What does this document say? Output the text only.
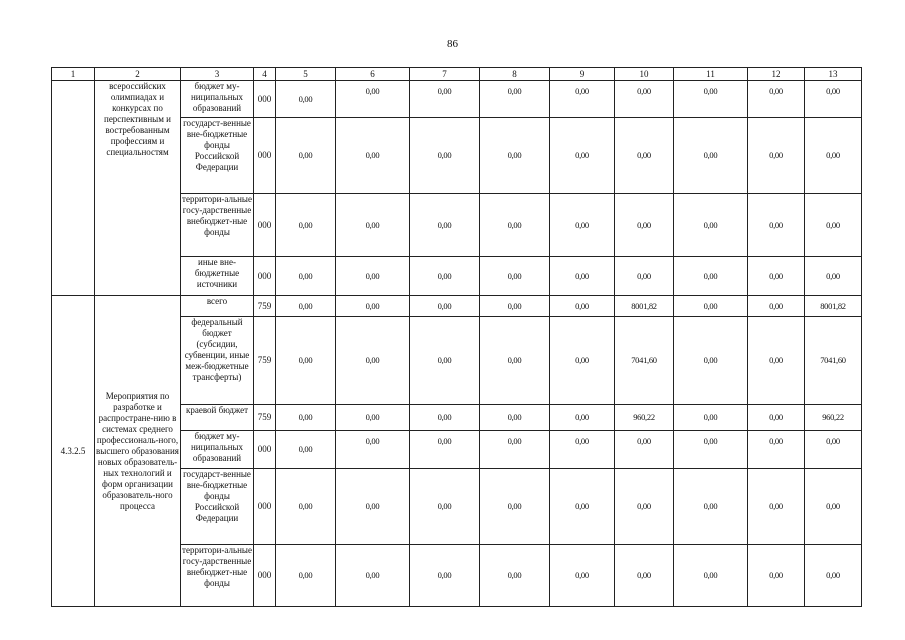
86
1	2	3	4	5	6	7	8	9	10	11	12	13
	всероссийских олимпиадах и конкурсах по перспективным и востребованным профессиям и специальностям	бюджет му-ниципальных образований	000	0,00	0,00	0,00	0,00	0,00	0,00	0,00	0,00	0,00
		государст-венные вне-бюджетные фонды Российской Федерации	000	0,00	0,00	0,00	0,00	0,00	0,00	0,00	0,00	0,00
		территори-альные госу-дарственные внебюджет-ные фонды	000	0,00	0,00	0,00	0,00	0,00	0,00	0,00	0,00	0,00
		иные вне-бюджетные источники	000	0,00	0,00	0,00	0,00	0,00	0,00	0,00	0,00	0,00
4.3.2.5	Мероприятия по разработке и распростране-нию в системах среднего профессиональ-ного, высшего образования новых образователь-ных технологий и форм организации образователь-ного процесса	всего	759	0,00	0,00	0,00	0,00	0,00	8001,82	0,00	0,00	8001,82
		федеральный бюджет (субсидии, субвенции, иные меж-бюджетные трансферты)	759	0,00	0,00	0,00	0,00	0,00	7041,60	0,00	0,00	7041,60
		краевой бюджет	759	0,00	0,00	0,00	0,00	0,00	960,22	0,00	0,00	960,22
		бюджет му-ниципальных образований	000	0,00	0,00	0,00	0,00	0,00	0,00	0,00	0,00	0,00
		государст-венные вне-бюджетные фонды Российской Федерации	000	0,00	0,00	0,00	0,00	0,00	0,00	0,00	0,00	0,00
		территори-альные госу-дарственные внебюджет-ные фонды	000	0,00	0,00	0,00	0,00	0,00	0,00	0,00	0,00	0,00
